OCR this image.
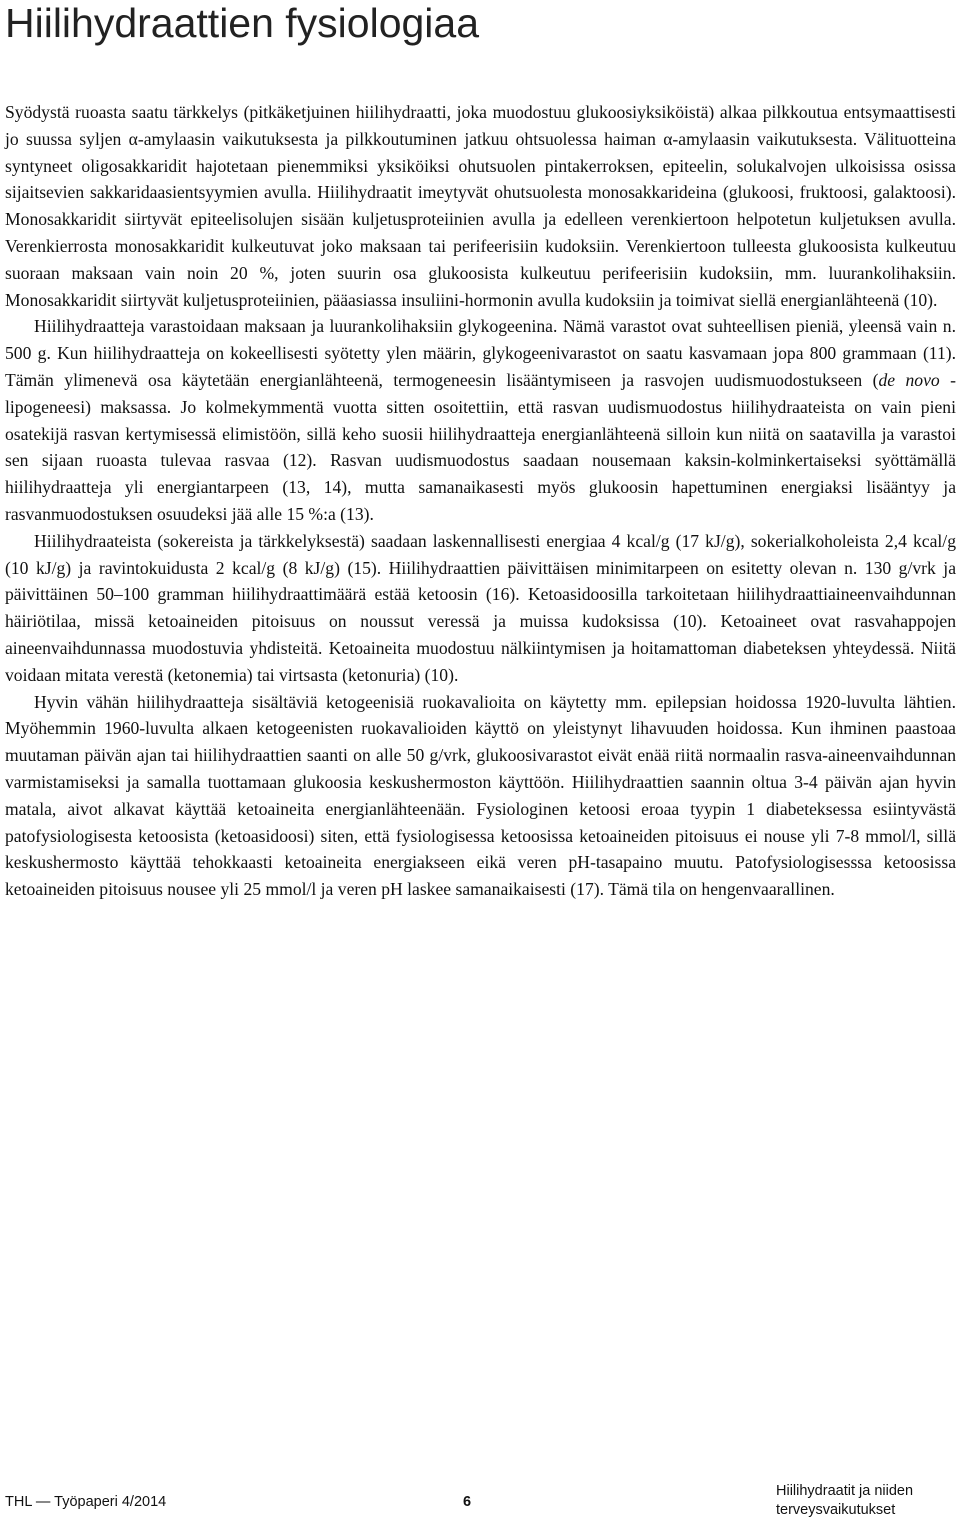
Hiilihydraattien fysiologiaa

Syödystä ruoasta saatu tärkkelys (pitkäketjuinen hiilihydraatti, joka muodostuu glukoosiyksiköistä) alkaa pilkkoutua entsymaattisesti jo suussa syljen α-amylaasin vaikutuksesta ja pilkkoutuminen jatkuu ohtsuolessa haiman α-amylaasin vaikutuksesta. Välituotteina syntyneet oligosakkaridit hajotetaan pienemmiksi yksiköiksi ohutsuolen pintakerroksen, epiteelin, solukalvojen ulkoisissa osissa sijaitsevien sakkaridaasientsyymien avulla. Hiilihydraatit imeytyvät ohutsuolesta monosakkarideina (glukoosi, fruktoosi, galaktoosi). Monosakkaridit siirtyvät epiteelisolujen sisään kuljetusproteiinien avulla ja edelleen verenkiertoon helpotetun kuljetuksen avulla. Verenkierrosta monosakkaridit kulkeutuvat joko maksaan tai perifeerisiin kudoksiin. Verenkiertoon tulleesta glukoosista kulkeutuu suoraan maksaan vain noin 20 %, joten suurin osa glukoosista kulkeutuu perifeerisiin kudoksiin, mm. luurankolihaksiin. Monosakkaridit siirtyvät kuljetusproteiinien, pääasiassa insuliini-hormonin avulla kudoksiin ja toimivat siellä energianlähteenä (10).

Hiilihydraatteja varastoidaan maksaan ja luurankolihaksiin glykogeenina. Nämä varastot ovat suhteellisen pieniä, yleensä vain n. 500 g. Kun hiilihydraatteja on kokeellisesti syötetty ylen määrin, glykogeenivarastot on saatu kasvamaan jopa 800 grammaan (11). Tämän ylimenevä osa käytetään energianlähteenä, termogeneesin lisääntymiseen ja rasvojen uudismuodostukseen (de novo -lipogeneesi) maksassa. Jo kolmekymmentä vuotta sitten osoitettiin, että rasvan uudismuodostus hiilihydraateista on vain pieni osatekijä rasvan kertymisessä elimistöön, sillä keho suosii hiilihydraatteja energianlähteenä silloin kun niitä on saatavilla ja varastoi sen sijaan ruoasta tulevaa rasvaa (12). Rasvan uudismuodostus saadaan nousemaan kaksin-kolminkertaiseksi syöttämällä hiilihydraatteja yli energiantarpeen (13, 14), mutta samanaikasesti myös glukoosin hapettuminen energiaksi lisääntyy ja rasvanmuodostuksen osuudeksi jää alle 15 %:a (13).

Hiilihydraateista (sokereista ja tärkkelyksestä) saadaan laskennallisesti energiaa 4 kcal/g (17 kJ/g), sokerialkoholeista 2,4 kcal/g (10 kJ/g) ja ravintokuidusta 2 kcal/g (8 kJ/g) (15). Hiilihydraattien päivittäisen minimitarpeen on esitetty olevan n. 130 g/vrk ja päivittäinen 50–100 gramman hiilihydraattimäärä estää ketoosin (16). Ketoasidoosilla tarkoitetaan hiilihydraattiaineenvaihdunnan häiriötilaa, missä ketoaineiden pitoisuus on noussut veressä ja muissa kudoksissa (10). Ketoaineet ovat rasvahappojen aineenvaihdunnassa muodostuvia yhdisteitä. Ketoaineita muodostuu nälkiintymisen ja hoitamattoman diabeteksen yhteydessä. Niitä voidaan mitata verestä (ketonemia) tai virtsasta (ketonuria) (10).

Hyvin vähän hiilihydraatteja sisältäviä ketogeenisiä ruokavalioita on käytetty mm. epilepsian hoidossa 1920-luvulta lähtien. Myöhemmin 1960-luvulta alkaen ketogeenisten ruokavalioiden käyttö on yleistynyt lihavuuden hoidossa. Kun ihminen paastoaa muutaman päivän ajan tai hiilihydraattien saanti on alle 50 g/vrk, glukoosivarastot eivät enää riitä normaalin rasva-aineenvaihdunnan varmistamiseksi ja samalla tuottamaan glukoosia keskushermoston käyttöön. Hiilihydraattien saannin oltua 3-4 päivän ajan hyvin matala, aivot alkavat käyttää ketoaineita energianlähteenään. Fysiologinen ketoosi eroaa tyypin 1 diabeteksessa esiintyvästä patofysiologisesta ketoosista (ketoasidoosi) siten, että fysiologisessa ketoosissa ketoaineiden pitoisuus ei nouse yli 7-8 mmol/l, sillä keskushermosto käyttää tehokkaasti ketoaineita energiakseen eikä veren pH-tasapaino muutu. Patofysiologisesssa ketoosissa ketoaineiden pitoisuus nousee yli 25 mmol/l ja veren pH laskee samanaikaisesti (17). Tämä tila on hengenvaarallinen.

THL — Työpaperi 4/2014	6
Hiilihydraatit ja niiden
terveysvaikutukset
